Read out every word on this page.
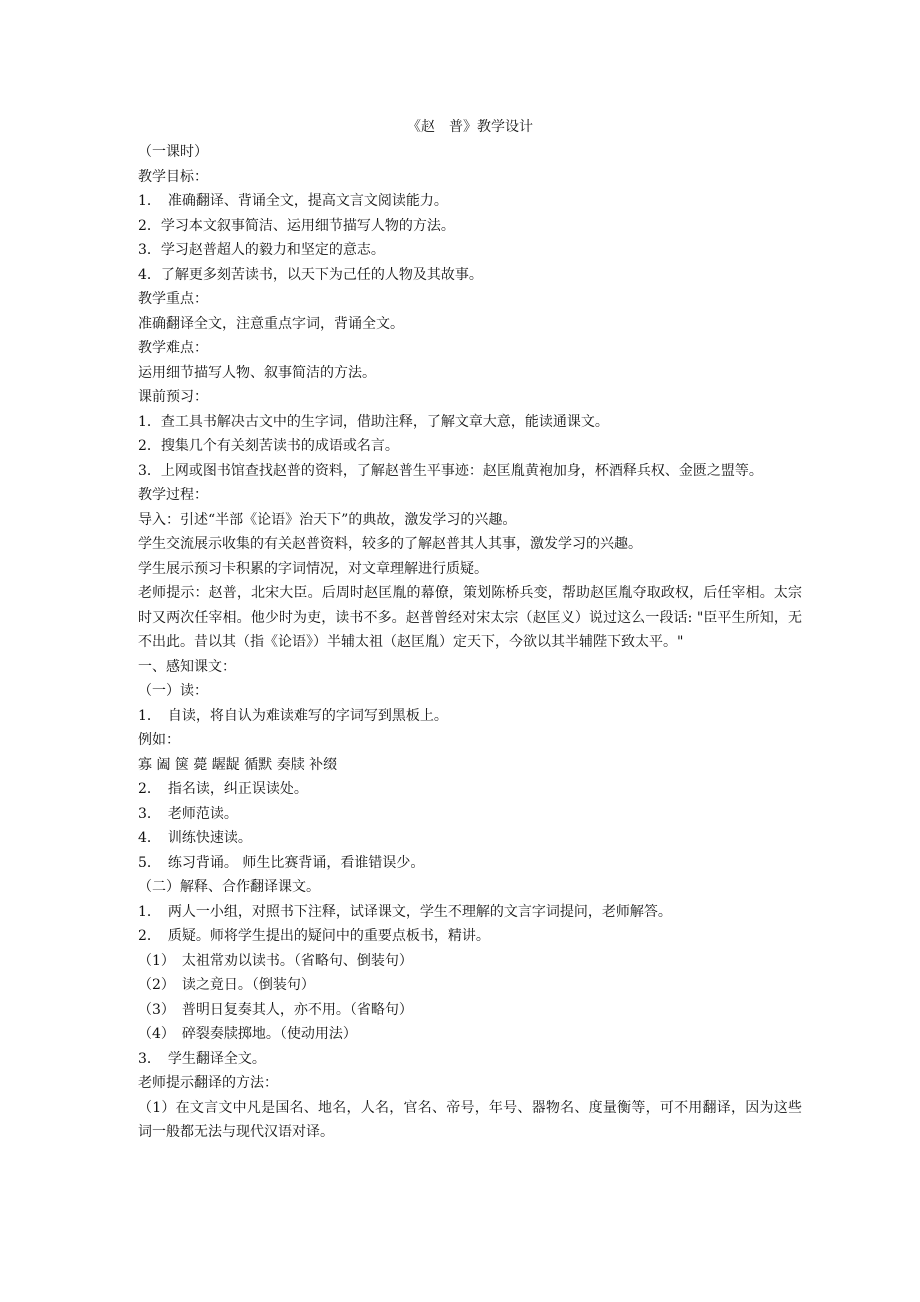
《赵　普》教学设计
（一课时）
教学目标：
1．　准确翻译、背诵全文，提高文言文阅读能力。
2．学习本文叙事简洁、运用细节描写人物的方法。
3．学习赵普超人的毅力和坚定的意志。
4．了解更多刻苦读书，以天下为己任的人物及其故事。
教学重点：
准确翻译全文，注意重点字词，背诵全文。
教学难点：
运用细节描写人物、叙事简洁的方法。
课前预习：
1．查工具书解决古文中的生字词，借助注释，了解文章大意，能读通课文。
2．搜集几个有关刻苦读书的成语或名言。
3．上网或图书馆查找赵普的资料，了解赵普生平事迹：赵匡胤黄袍加身，杯酒释兵权、金匮之盟等。
教学过程：
导入：引述“半部《论语》治天下”的典故，激发学习的兴趣。
学生交流展示收集的有关赵普资料，较多的了解赵普其人其事，激发学习的兴趣。
学生展示预习卡积累的字词情况，对文章理解进行质疑。
老师提示：赵普，北宋大臣。后周时赵匡胤的幕僚，策划陈桥兵变，帮助赵匡胤夺取政权，后任宰相。太宗时又两次任宰相。他少时为吏，读书不多。赵普曾经对宋太宗（赵匡义）说过这么一段话: "臣平生所知，无不出此。昔以其（指《论语》）半辅太祖（赵匡胤）定天下，今欲以其半辅陛下致太平。"
一、感知课文：
（一）读：
1．　自读，将自认为难读难写的字词写到黑板上。
例如：
寡 阖 箧 薨 龌龊 循默 奏牍 补缀
2．　指名读，纠正误读处。
3．　老师范读。
4．　训练快速读。
5．　练习背诵。 师生比赛背诵，看谁错误少。
（二）解释、合作翻译课文。
1．　两人一小组，对照书下注释，试译课文，学生不理解的文言字词提问，老师解答。
2．　质疑。师将学生提出的疑问中的重要点板书，精讲。
（1）　太祖常劝以读书。（省略句、倒装句）
（2）　读之竟日。（倒装句）
（3）　普明日复奏其人，亦不用。（省略句）
（4）　碎裂奏牍掷地。（使动用法）
3．　学生翻译全文。
老师提示翻译的方法：
（1）在文言文中凡是国名、地名，人名，官名、帝号，年号、器物名、度量衡等，可不用翻译，因为这些词一般都无法与现代汉语对译。
